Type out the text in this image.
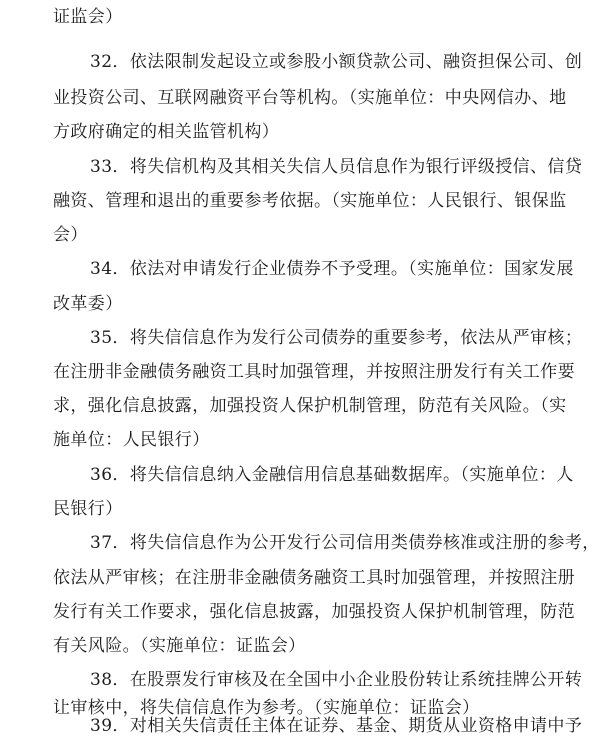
证监会）
32．依法限制发起设立或参股小额贷款公司、融资担保公司、创
业投资公司、互联网融资平台等机构。（实施单位：中央网信办、地
方政府确定的相关监管机构）
33．将失信机构及其相关失信人员信息作为银行评级授信、信贷
融资、管理和退出的重要参考依据。（实施单位：人民银行、银保监
会）
34．依法对申请发行企业债券不予受理。（实施单位：国家发展
改革委）
35．将失信信息作为发行公司债券的重要参考，依法从严审核；
在注册非金融债务融资工具时加强管理，并按照注册发行有关工作要
求，强化信息披露，加强投资人保护机制管理，防范有关风险。（实
施单位：人民银行）
36．将失信信息纳入金融信用信息基础数据库。（实施单位：人
民银行）
37．将失信信息作为公开发行公司信用类债券核准或注册的参考，
依法从严审核；在注册非金融债务融资工具时加强管理，并按照注册
发行有关工作要求，强化信息披露，加强投资人保护机制管理，防范
有关风险。（实施单位：证监会）
38．在股票发行审核及在全国中小企业股份转让系统挂牌公开转
让审核中，将失信信息作为参考。（实施单位：证监会）
39．对相关失信责任主体在证券、基金、期货从业资格申请中予
